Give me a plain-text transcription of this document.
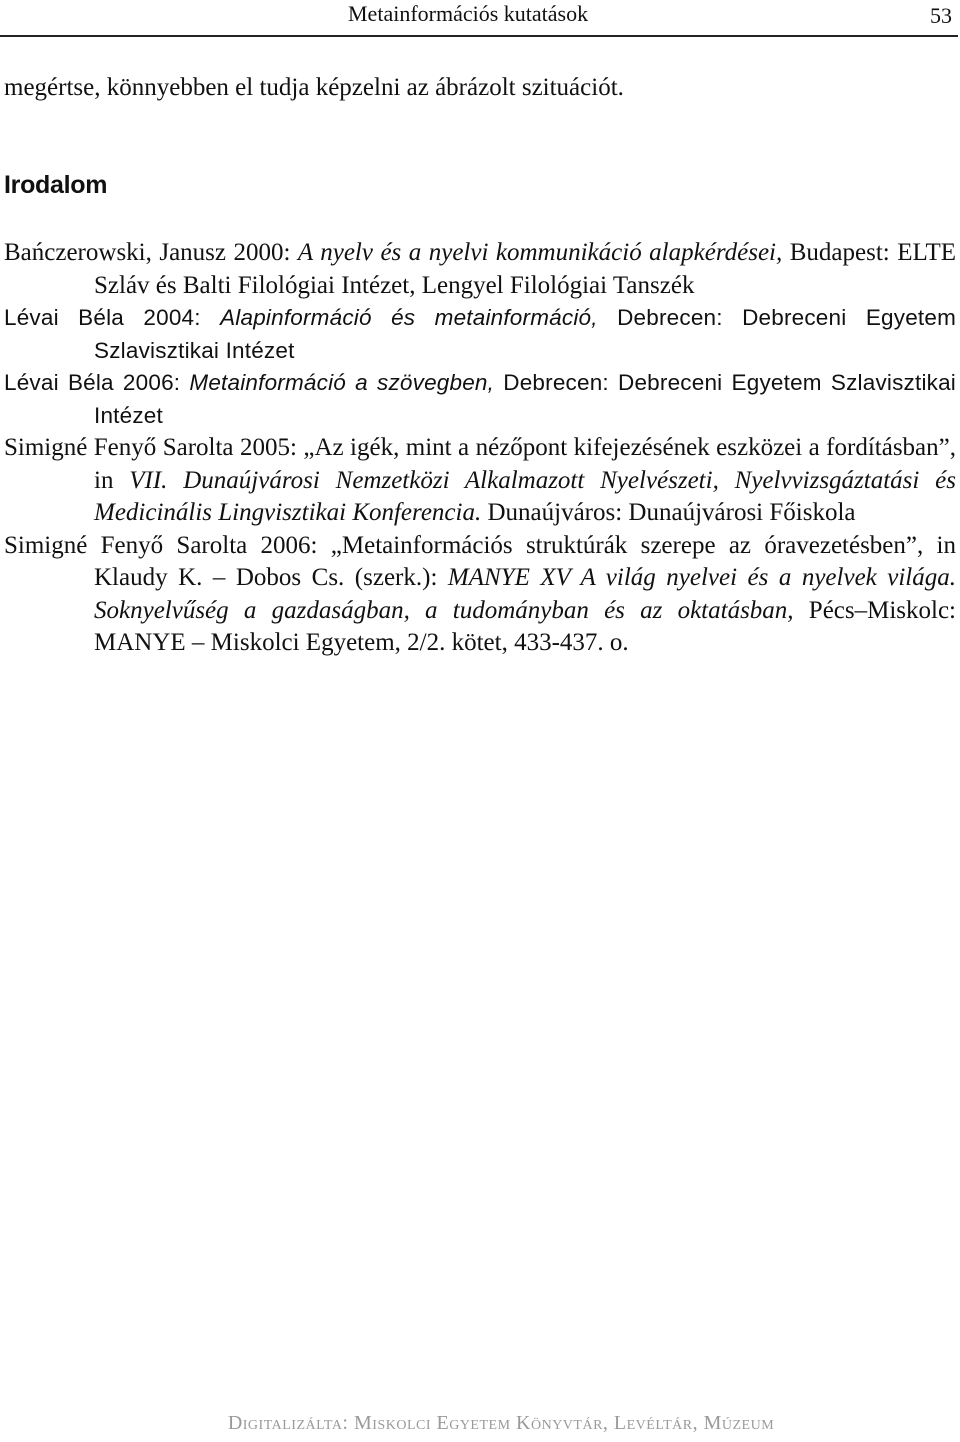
Metainformációs kutatások	53
megértse, könnyebben el tudja képzelni az ábrázolt szituációt.
Irodalom
Bańczerowski, Janusz 2000: A nyelv és a nyelvi kommunikáció alapkérdései, Budapest: ELTE Szláv és Balti Filológiai Intézet, Lengyel Filológiai Tanszék
Lévai Béla 2004: Alapinformáció és metainformáció, Debrecen: Debreceni Egyetem Szlavisztikai Intézet
Lévai Béla 2006: Metainformáció a szövegben, Debrecen: Debreceni Egyetem Szlavisztikai Intézet
Simigné Fenyő Sarolta 2005: „Az igék, mint a nézőpont kifejezésének eszközei a fordításban”, in VII. Dunaújvárosi Nemzetközi Alkalmazott Nyelvészeti, Nyelvvizsgáztatási és Medicinális Lingvisztikai Konferencia. Dunaújváros: Dunaújvárosi Főiskola
Simigné Fenyő Sarolta 2006: „Metainformációs struktúrák szerepe az óravezetésben”, in Klaudy K. – Dobos Cs. (szerk.): MANYE XV A világ nyelvei és a nyelvek világa. Soknyelvűség a gazdaságban, a tudományban és az oktatásban, Pécs–Miskolc: MANYE – Miskolci Egyetem, 2/2. kötet, 433-437. o.
Digitalizálta: Miskolci Egyetem Könyvtár, Levéltár, Múzeum
